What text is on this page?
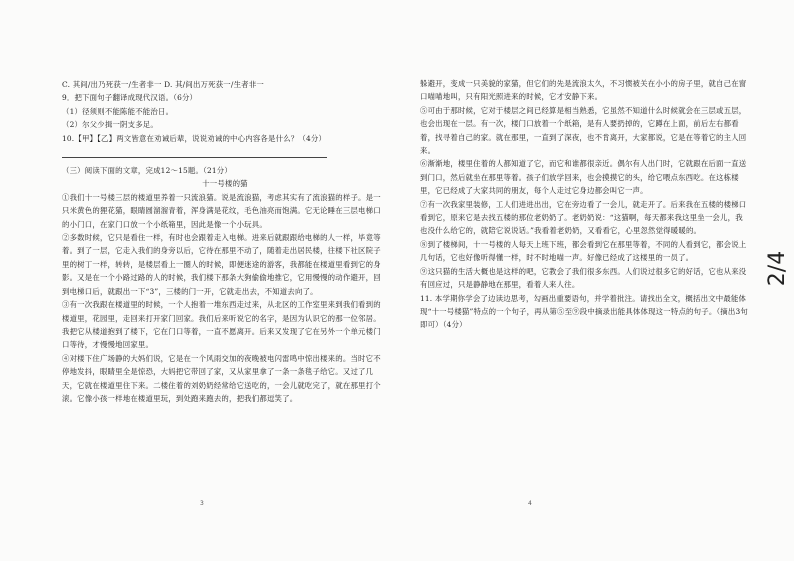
C. 其间/出乃死获一/生者非一 D. 其/间出万死获一/生者非一

9．把下面句子翻译成现代汉语。（6分）

（1）径须则不能陈能不能治日。

（2）尔父少揖一阴支多足。

10.【甲】【乙】两文皆意在劝诫后辈，说说劝诫的中心内容各是什么？（4分）

（三）阅读下面的文章，完成12～15题。（21分）

十一号楼的猫

①我们十一号楼三层的楼道里养着一只流浪猫。说是流浪猫，考虑其实有了流浪猫的样子。是一只米黄色的狸花猫，眼睛圆溜溜青着，浑身满是花纹，毛色油亮而饱满。它无论睡在三层电梯口的小门口，在家门口放一个小纸箱里，因此是像一个小玩具。

②多数时候，它只是看住一样，有时也会跟着走入电梯。进来后就跟跟给电梯的人一样，毕竟等着。到了一层，它走入我们的身旁以后，它待在那里不动了，随着走出居民楼，往楼下社区院子里的树丁一样，转转，是楼层看上一圈人的时候，即便迷途的游客，我都能在楼道里看到它的身影。又是在一个小路过路的人的时候，我们楼下那条大狗偷偷地推它，它用慢慢的动作避开，回到电梯口后，就跟出一下“3”，三楼的门一开，它就走出去，不知道去向了。

③有一次我跟在楼道里的时候，一个人抱着一堆东西走过来，从北区的工作室里来到我们看到的楼道里，花园里，走回来打开家门回家。我们后来听说它的名字，是因为认识它的那一位邻居。我把它从楼道抱到了楼下，它在门口等着，一直不愿离开。后来又发现了它在另外一个单元楼门口等待，才慢慢地回家里。

④对楼下住广场静的大妈们说，它是在一个风雨交加的夜晚被电闪雷鸣中惊出楼来的。当时它不停地发抖，眼睛里全是惊恐，大妈把它带回了家，又从家里拿了一条一条毯子给它。又过了几天，它就在楼道里住下来。二楼住着的刘奶奶经常给它送吃的，一会儿就吃完了，就在那里打个滚。它像小孩一样地在楼道里玩，到处跑来跑去的，把我们都逗笑了。

躲避开，变成一只美貌的家猫，但它们的先是流浪太久，不习惯被关在小小的房子里，就自己在窗口喵喵地叫，只有阳光照进来的时候，它才安静下来。

⑤可由于那时候，它对于楼层之间已经算是相当熟悉，它虽然不知道什么时候就会在三层或五层，也会出现在一层。有一次，楼门口放着一个纸箱，是有人要扔掉的，它蹲在上面，前后左右都看着，找寻着自己的家。就在那里，一直到了深夜，也不肯离开，大家都说，它是在等着它的主人回来。

⑥渐渐地，楼里住着的人都知道了它，而它和谁都很亲近。偶尔有人出门时，它就跟在后面一直送到门口，然后就坐在那里等着。孩子们放学回来，也会摸摸它的头，给它喂点东西吃。在这栋楼里，它已经成了大家共同的朋友，每个人走过它身边都会叫它一声。

⑦有一次我家里装修，工人们进进出出，它在旁边看了一会儿，就走开了。后来我在五楼的楼梯口看到它，原来它是去找五楼的那位老奶奶了。老奶奶说：“这猫啊，每天都来我这里坐一会儿，我也没什么给它的，就陪它说说话。”我看着老奶奶，又看看它，心里忽然觉得暖暖的。

⑧到了楼梯间，十一号楼的人每天上班下班，都会看到它在那里等着，不同的人看到它，都会说上几句话，它也好像听得懂一样，时不时地喵一声。好像已经成了这楼里的一员了。

⑨这只猫的生活大概也是这样的吧，它教会了我们很多东西。人们说过很多它的好话，它也从来没有回应过，只是静静地在那里，看着人来人往。

11. 本学期你学会了边读边思考，勾画出重要语句，并学着批注。请找出全文，概括出文中最能体现“十一号楼猫”特点的一个句子，再从第⑤至⑨段中摘录出能具体体现这一特点的句子。（摘出3句即可）（4分）

3	4
2/4
